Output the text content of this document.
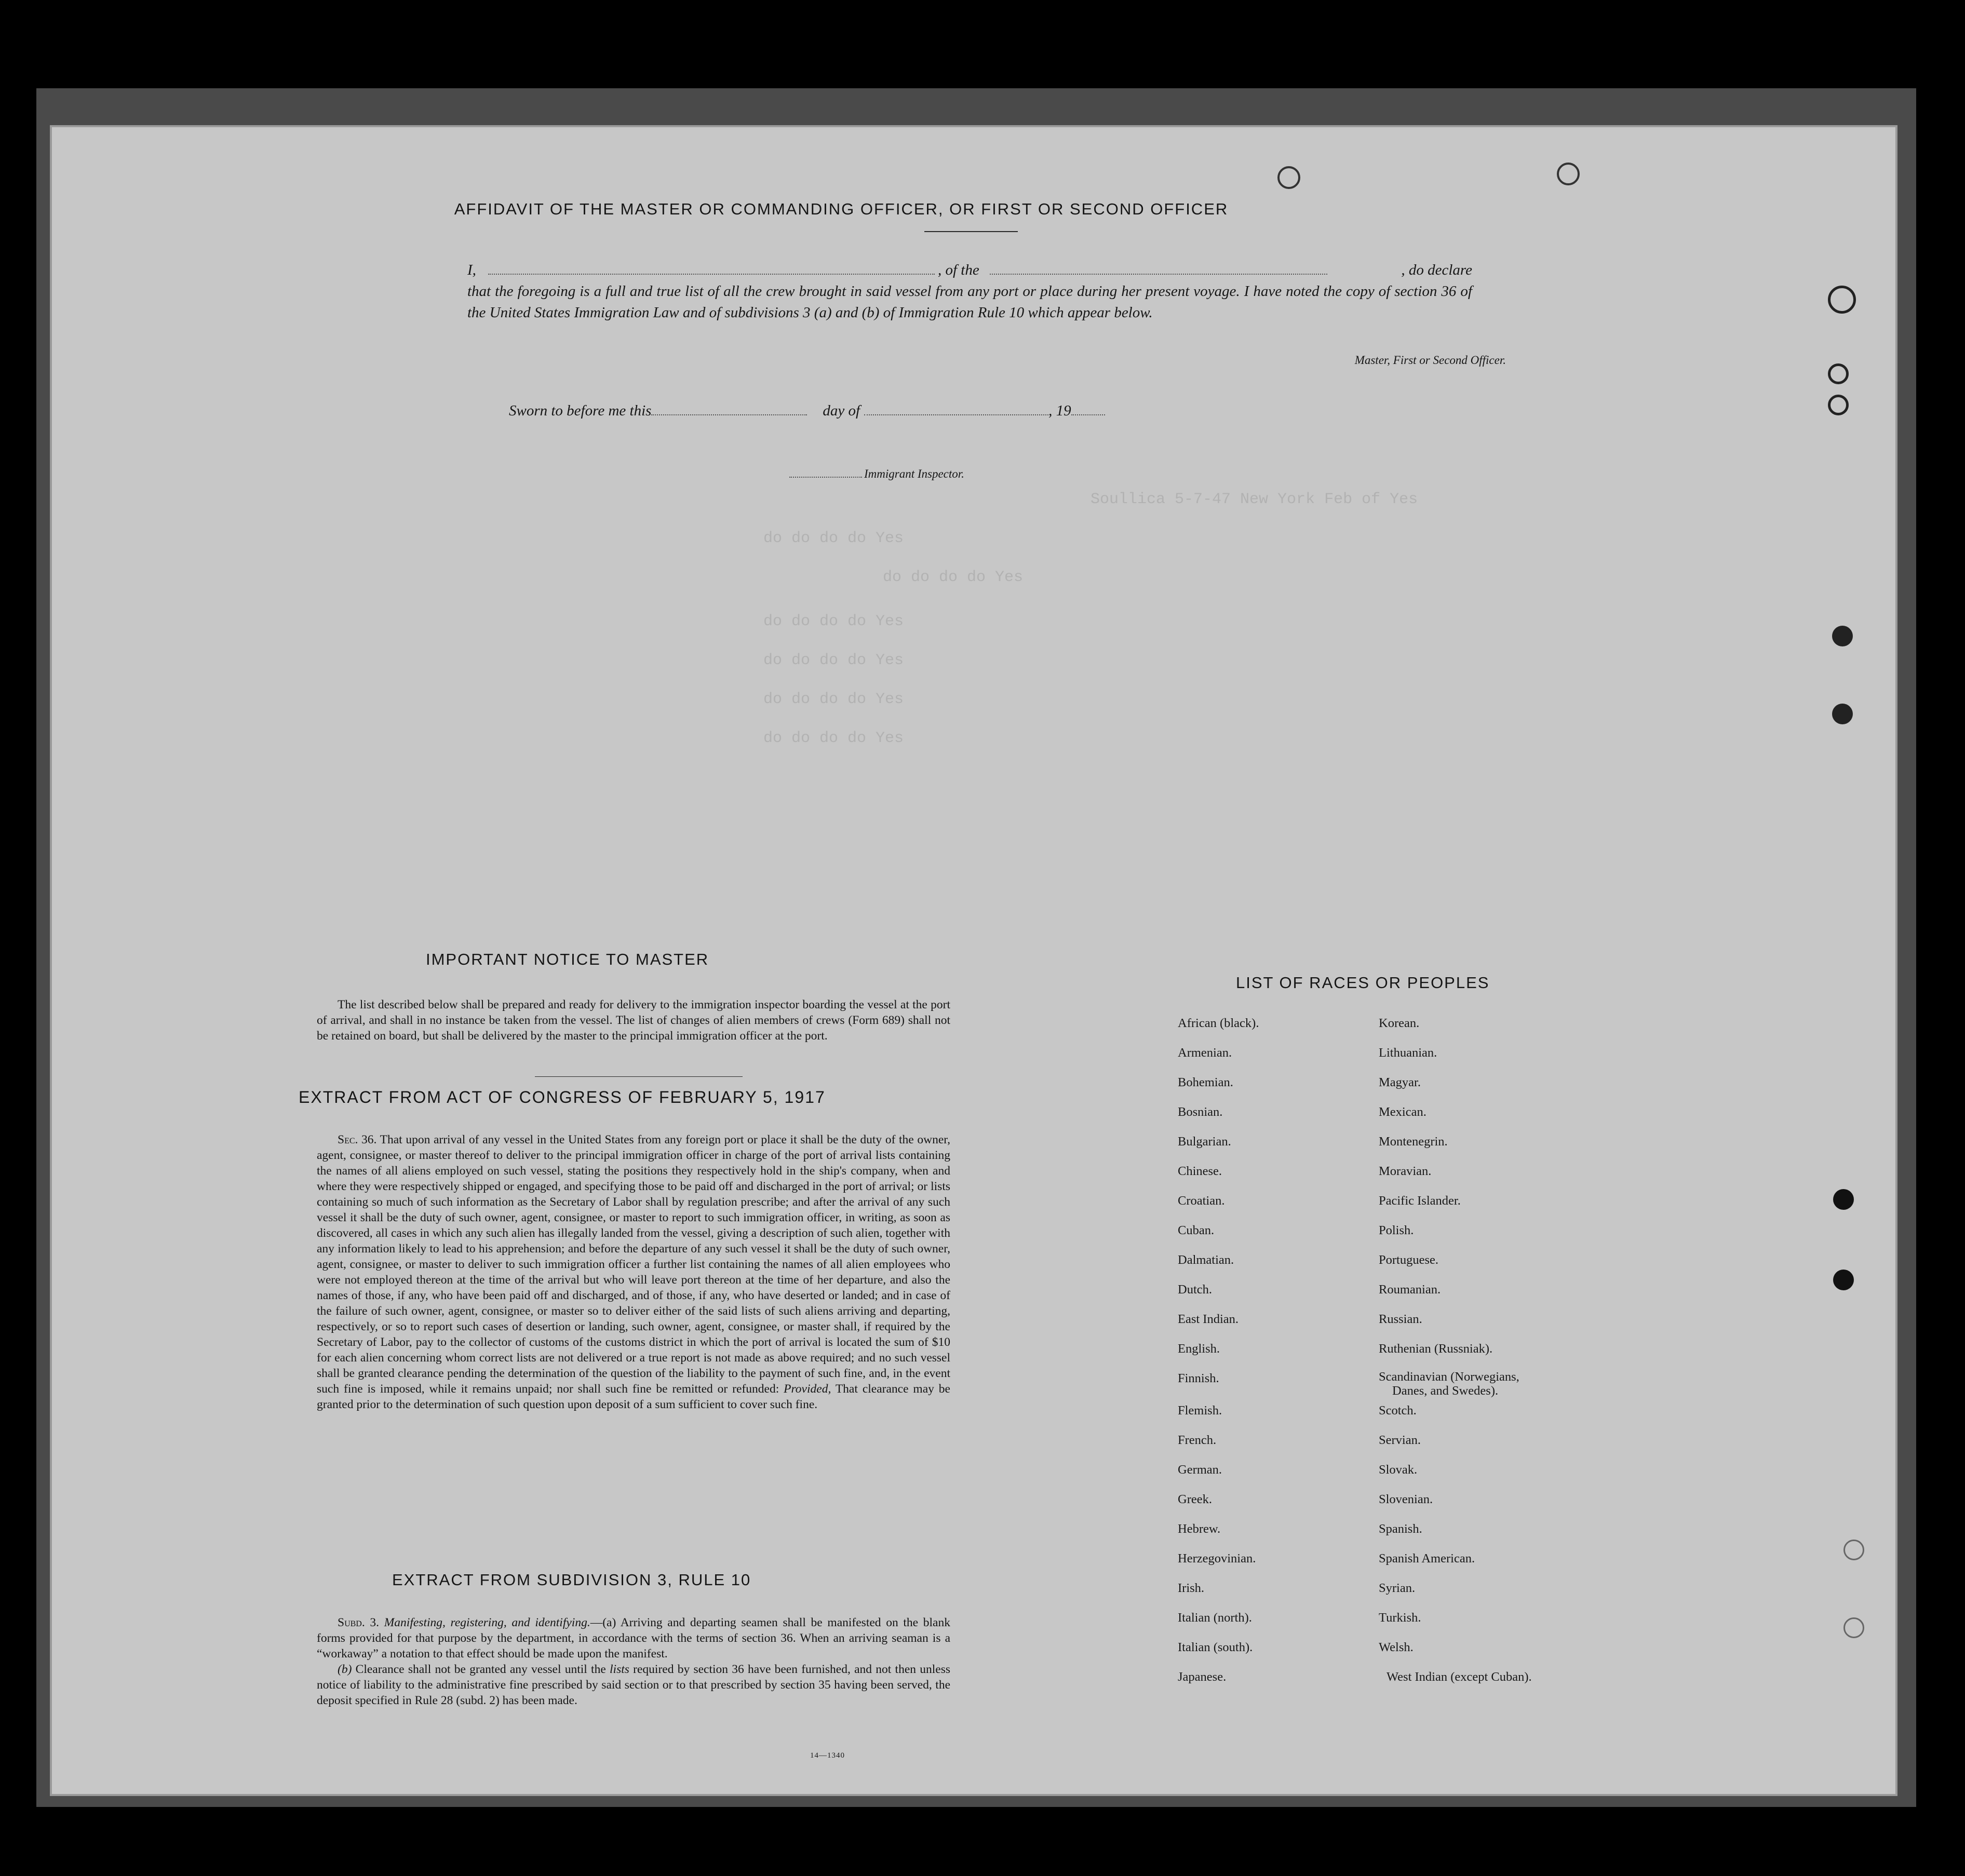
Soullica 5-7-47 New York Feb of Yes
do do do do Yes
do do do do Yes
do do do do Yes
do do do do Yes
do do do do Yes
do do do do Yes
AFFIDAVIT OF THE MASTER OR COMMANDING OFFICER, OR FIRST OR SECOND OFFICER
I,	, of the	, do declare
that the foregoing is a full and true list of all the crew brought in said vessel from any port or place during her present voyage. I have noted the copy of section 36 of the United States Immigration Law and of subdivisions 3 (a) and (b) of Immigration Rule 10 which appear below.
Master, First or Second Officer.
Sworn to before me this	day of	, 19
Immigrant Inspector.
IMPORTANT NOTICE TO MASTER

The list described below shall be prepared and ready for delivery to the immigration inspector boarding the vessel at the port of arrival, and shall in no instance be taken from the vessel. The list of changes of alien members of crews (Form 689) shall not be retained on board, but shall be delivered by the master to the principal immigration officer at the port.

EXTRACT FROM ACT OF CONGRESS OF FEBRUARY 5, 1917

Sec. 36. That upon arrival of any vessel in the United States from any foreign port or place it shall be the duty of the owner, agent, consignee, or master thereof to deliver to the principal immigration officer in charge of the port of arrival lists containing the names of all aliens employed on such vessel, stating the positions they respectively hold in the ship's company, when and where they were respectively shipped or engaged, and specifying those to be paid off and discharged in the port of arrival; or lists containing so much of such information as the Secretary of Labor shall by regulation prescribe; and after the arrival of any such vessel it shall be the duty of such owner, agent, consignee, or master to report to such immigration officer, in writing, as soon as discovered, all cases in which any such alien has illegally landed from the vessel, giving a description of such alien, together with any information likely to lead to his apprehension; and before the departure of any such vessel it shall be the duty of such owner, agent, consignee, or master to deliver to such immigration officer a further list containing the names of all alien employees who were not employed thereon at the time of the arrival but who will leave port thereon at the time of her departure, and also the names of those, if any, who have been paid off and discharged, and of those, if any, who have deserted or landed; and in case of the failure of such owner, agent, consignee, or master so to deliver either of the said lists of such aliens arriving and departing, respectively, or so to report such cases of desertion or landing, such owner, agent, consignee, or master shall, if required by the Secretary of Labor, pay to the collector of customs of the customs district in which the port of arrival is located the sum of $10 for each alien concerning whom correct lists are not delivered or a true report is not made as above required; and no such vessel shall be granted clearance pending the determination of the question of the liability to the payment of such fine, and, in the event such fine is imposed, while it remains unpaid; nor shall such fine be remitted or refunded: Provided, That clearance may be granted prior to the determination of such question upon deposit of a sum sufficient to cover such fine.

EXTRACT FROM SUBDIVISION 3, RULE 10

Subd. 3. Manifesting, registering, and identifying.—(a) Arriving and departing seamen shall be manifested on the blank forms provided for that purpose by the department, in accordance with the terms of section 36. When an arriving seaman is a “workaway” a notation to that effect should be made upon the manifest.

(b) Clearance shall not be granted any vessel until the lists required by section 36 have been furnished, and not then unless notice of liability to the administrative fine prescribed by said section or to that prescribed by section 35 having been served, the deposit specified in Rule 28 (subd. 2) has been made.

14—1340
LIST OF RACES OR PEOPLES
African (black).
Armenian.
Bohemian.
Bosnian.
Bulgarian.
Chinese.
Croatian.
Cuban.
Dalmatian.
Dutch.
East Indian.
English.
Finnish.
Flemish.
French.
German.
Greek.
Hebrew.
Herzegovinian.
Irish.
Italian (north).
Italian (south).
Japanese.
Korean.
Lithuanian.
Magyar.
Mexican.
Montenegrin.
Moravian.
Pacific Islander.
Polish.
Portuguese.
Roumanian.
Russian.
Ruthenian (Russniak).
Scandinavian (Norwegians,
Danes, and Swedes).
Scotch.
Servian.
Slovak.
Slovenian.
Spanish.
Spanish American.
Syrian.
Turkish.
Welsh.
West Indian (except Cuban).
